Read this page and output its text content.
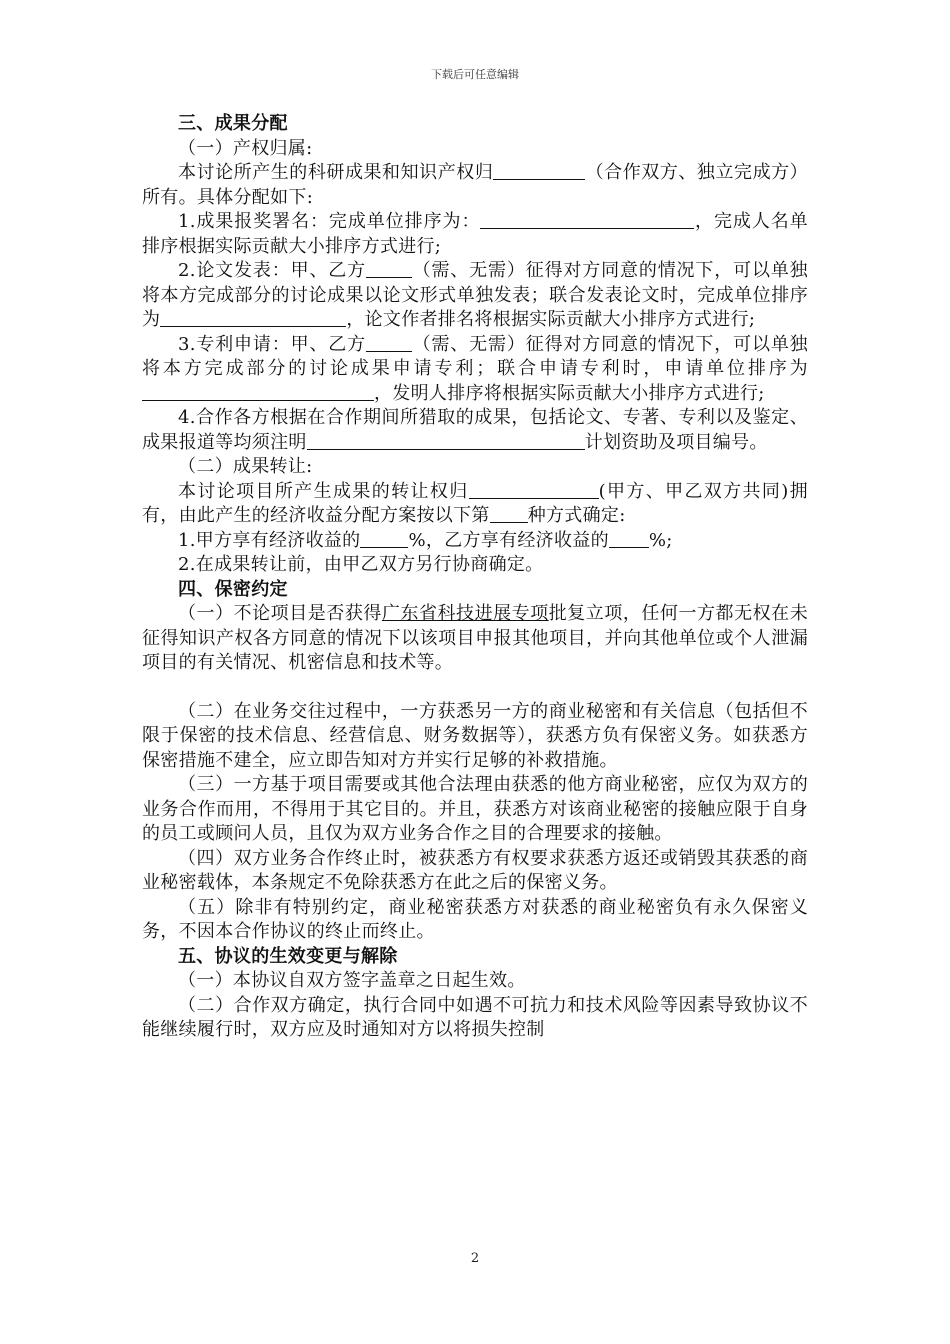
下载后可任意编辑

三、成果分配

（一）产权归属:

本讨论所产生的科研成果和知识产权归	（合作双方、独立完成方）所有。具体分配如下:

1.成果报奖署名：完成单位排序为：	，完成人名单排序根据实际贡献大小排序方式进行;

2.论文发表：甲、乙方	（需、无需）征得对方同意的情况下，可以单独将本方完成部分的讨论成果以论文形式单独发表；联合发表论文时，完成单位排序为	，论文作者排名将根据实际贡献大小排序方式进行;

3.专利申请：甲、乙方	（需、无需）征得对方同意的情况下，可以单独将本方完成部分的讨论成果申请专利；联合申请专利时，申请单位排序为，发明人排序将根据实际贡献大小排序方式进行;

4.合作各方根据在合作期间所猎取的成果，包括论文、专著、专利以及鉴定、成果报道等均须注明	计划资助及项目编号。

（二）成果转让:

本讨论项目所产生成果的转让权归	(甲方、甲乙双方共同)拥有，由此产生的经济收益分配方案按以下第 种方式确定:

1.甲方享有经济收益的	%，乙方享有经济收益的 %;

2.在成果转让前，由甲乙双方另行协商确定。

四、保密约定

（一）不论项目是否获得广东省科技进展专项批复立项，任何一方都无权在未征得知识产权各方同意的情况下以该项目申报其他项目，并向其他单位或个人泄漏项目的有关情况、机密信息和技术等。

（二）在业务交往过程中，一方获悉另一方的商业秘密和有关信息（包括但不限于保密的技术信息、经营信息、财务数据等），获悉方负有保密义务。如获悉方保密措施不建全，应立即告知对方并实行足够的补救措施。

（三）一方基于项目需要或其他合法理由获悉的他方商业秘密，应仅为双方的业务合作而用，不得用于其它目的。并且，获悉方对该商业秘密的接触应限于自身的员工或顾问人员，且仅为双方业务合作之目的合理要求的接触。

（四）双方业务合作终止时，被获悉方有权要求获悉方返还或销毁其获悉的商业秘密载体，本条规定不免除获悉方在此之后的保密义务。

（五）除非有特别约定，商业秘密获悉方对获悉的商业秘密负有永久保密义务，不因本合作协议的终止而终止。

五、协议的生效变更与解除

（一）本协议自双方签字盖章之日起生效。

（二）合作双方确定，执行合同中如遇不可抗力和技术风险等因素导致协议不能继续履行时，双方应及时通知对方以将损失控制

2
